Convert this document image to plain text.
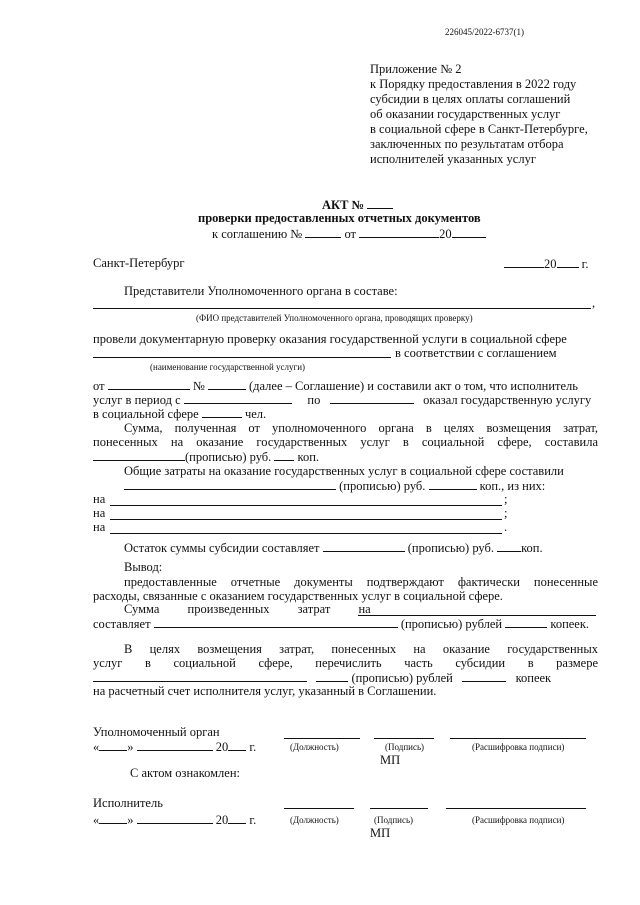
226045/2022-6737(1)
Приложение № 2
к Порядку предоставления в 2022 году
субсидии в целях оплаты соглашений
об оказании государственных услуг
в социальной сфере в Санкт-Петербурге,
заключенных по результатам отбора
исполнителей указанных услуг
АКТ №
проверки предоставленных отчетных документов
к соглашению №	от	20
Санкт-Петербург	20 г.
Представители Уполномоченного органа в составе:
,
(ФИО представителей Уполномоченного органа, проводящих проверку)
провели документарную проверку оказания государственной услуги в социальной сфере
в соответствии с соглашением
(наименование государственной услуги)
от	№	(далее – Соглашение) и составили акт о том, что исполнитель
услуг в период с	по	оказал государственную услугу
в социальной сфере	чел.
Сумма, полученная от уполномоченного органа в целях возмещения затрат,
понесенных на оказание государственных услуг в социальной сфере, составила
(прописью) руб. коп.
Общие затраты на оказание государственных услуг в социальной сфере составили
(прописью) руб.	коп., из них:
на	;
на	;
на	.
Остаток суммы субсидии составляет	(прописью) руб. коп.
Вывод:
предоставленные отчетные документы подтверждают фактически понесенные
расходы, связанные с оказанием государственных услуг в социальной сфере.
Сумма произведенных затрат на
составляет	(прописью) рублей	копеек.
В целях возмещения затрат, понесенных на оказание государственных
услуг в социальной сфере, перечислить часть субсидии в размере
(прописью) рублей	копеек
на расчетный счет исполнителя услуг, указанный в Соглашении.
Уполномоченный орган
« »	20 г.	(Должность)	(Подпись)	(Расшифровка подписи)
МП
С актом ознакомлен:
Исполнитель
« »	20 г.	(Должность)	(Подпись)	(Расшифровка подписи)
МП
